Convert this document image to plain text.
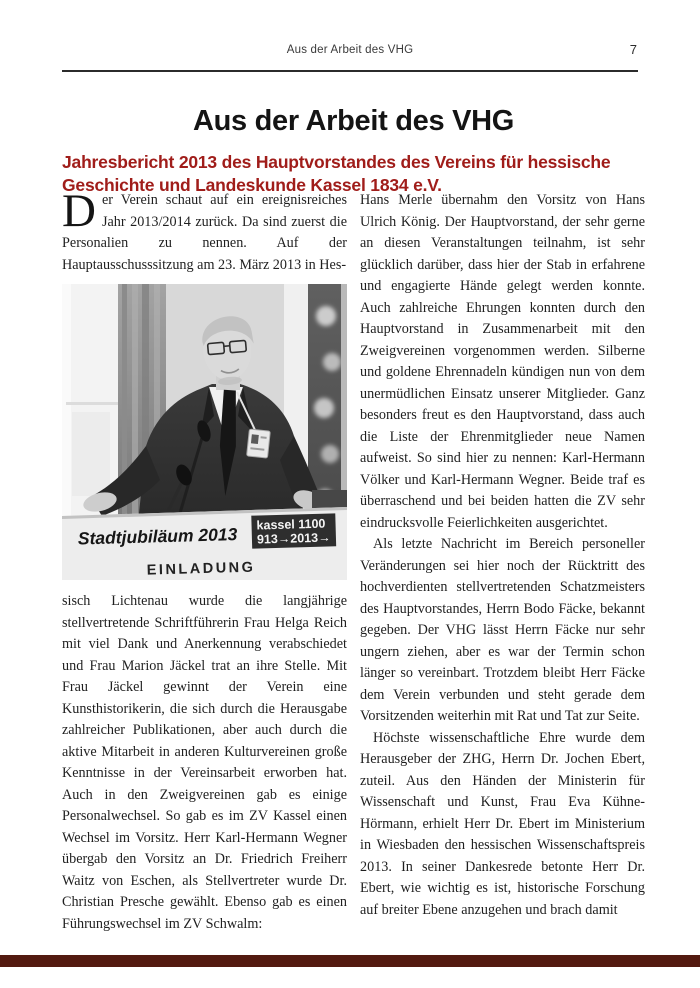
Aus der Arbeit des VHG	7
Aus der Arbeit des VHG
Jahresbericht 2013 des Hauptvorstandes des Vereins für hessische Geschichte und Landeskunde Kassel 1834 e.V.

Der Verein schaut auf ein ereignisreiches Jahr 2013/2014 zurück. Da sind zuerst die Personalien zu nennen. Auf der Hauptausschusssitzung am 23. März 2013 in Hes-

Stadtjubiläum 2013 kassel 1100
913→2013→
EINLADUNG

sisch Lichtenau wurde die langjährige stellvertretende Schriftführerin Frau Helga Reich mit viel Dank und Anerkennung verabschiedet und Frau Marion Jäckel trat an ihre Stelle. Mit Frau Jäckel gewinnt der Verein eine Kunsthistorikerin, die sich durch die Herausgabe zahlreicher Publikationen, aber auch durch die aktive Mitarbeit in anderen Kulturvereinen große Kenntnisse in der Vereinsarbeit erworben hat. Auch in den Zweigvereinen gab es einige Personalwechsel. So gab es im ZV Kassel einen Wechsel im Vorsitz. Herr Karl-Hermann Wegner übergab den Vorsitz an Dr. Friedrich Freiherr Waitz von Eschen, als Stellvertreter wurde Dr. Christian Presche gewählt. Ebenso gab es einen Führungswechsel im ZV Schwalm:

Hans Merle übernahm den Vorsitz von Hans Ulrich König. Der Hauptvorstand, der sehr gerne an diesen Veranstaltungen teilnahm, ist sehr glücklich darüber, dass hier der Stab in erfahrene und engagierte Hände gelegt werden konnte. Auch zahlreiche Ehrungen konnten durch den Hauptvorstand in Zusammenarbeit mit den Zweigvereinen vorgenommen werden. Silberne und goldene Ehrennadeln kündigen nun von dem unermüdlichen Einsatz unserer Mitglieder. Ganz besonders freut es den Hauptvorstand, dass auch die Liste der Ehrenmitglieder neue Namen aufweist. So sind hier zu nennen: Karl-Hermann Völker und Karl-Hermann Wegner. Beide traf es überraschend und bei beiden hatten die ZV sehr eindrucksvolle Feierlichkeiten ausgerichtet.

Als letzte Nachricht im Bereich personeller Veränderungen sei hier noch der Rücktritt des hochverdienten stellvertretenden Schatzmeisters des Hauptvorstandes, Herrn Bodo Fäcke, bekannt gegeben. Der VHG lässt Herrn Fäcke nur sehr ungern ziehen, aber es war der Termin schon länger so vereinbart. Trotzdem bleibt Herr Fäcke dem Verein verbunden und steht gerade dem Vorsitzenden weiterhin mit Rat und Tat zur Seite.

Höchste wissenschaftliche Ehre wurde dem Herausgeber der ZHG, Herrn Dr. Jochen Ebert, zuteil. Aus den Händen der Ministerin für Wissenschaft und Kunst, Frau Eva Kühne-Hörmann, erhielt Herr Dr. Ebert im Ministerium in Wiesbaden den hessischen Wissenschaftspreis 2013. In seiner Dankesrede betonte Herr Dr. Ebert, wie wichtig es ist, historische Forschung auf breiter Ebene anzugehen und brach damit
